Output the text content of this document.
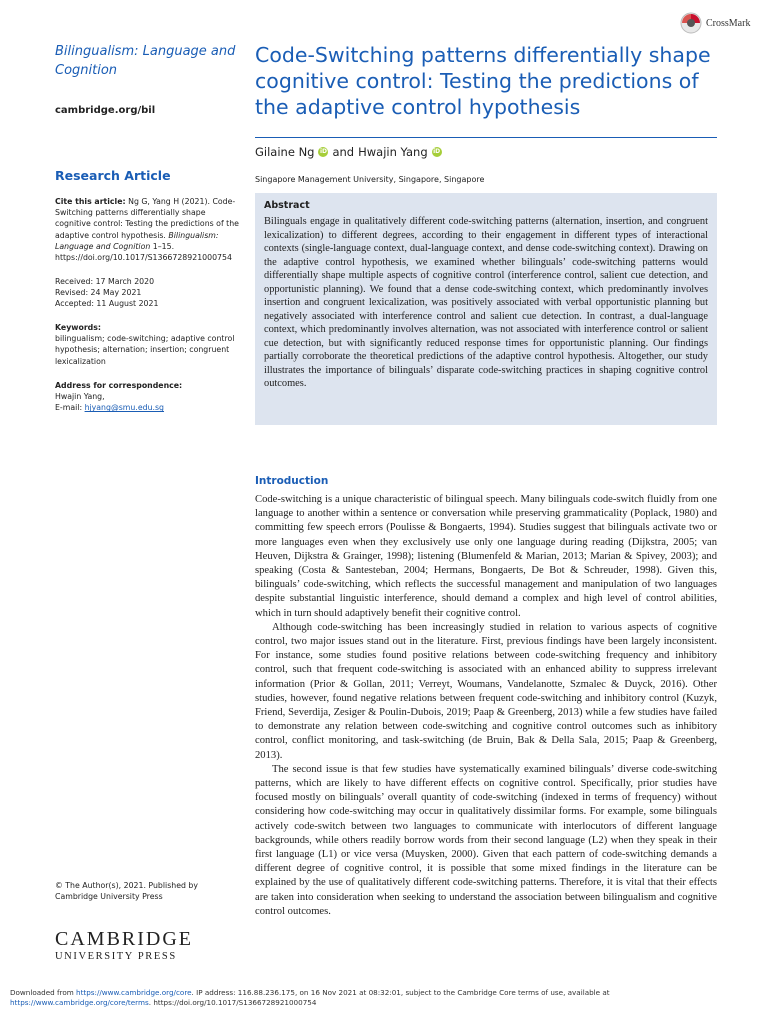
CrossMark
Bilingualism: Language and Cognition
cambridge.org/bil
Code-Switching patterns differentially shape cognitive control: Testing the predictions of the adaptive control hypothesis
Gilaine Ng iD and Hwajin Yang iD
Singapore Management University, Singapore, Singapore
Research Article
Cite this article: Ng G, Yang H (2021). Code-Switching patterns differentially shape cognitive control: Testing the predictions of the adaptive control hypothesis. Bilingualism: Language and Cognition 1–15. https://doi.org/10.1017/S1366728921000754
Received: 17 March 2020
Revised: 24 May 2021
Accepted: 11 August 2021
Keywords:
bilingualism; code-switching; adaptive control hypothesis; alternation; insertion; congruent lexicalization
Address for correspondence:
Hwajin Yang,
E-mail: hjyang@smu.edu.sg
© The Author(s), 2021. Published by Cambridge University Press
CAMBRIDGE
UNIVERSITY PRESS
Abstract

Bilinguals engage in qualitatively different code-switching patterns (alternation, insertion, and congruent lexicalization) to different degrees, according to their engagement in different types of interactional contexts (single-language context, dual-language context, and dense code-switching context). Drawing on the adaptive control hypothesis, we examined whether bilinguals’ code-switching patterns would differentially shape multiple aspects of cognitive control (interference control, salient cue detection, and opportunistic planning). We found that a dense code-switching context, which predominantly involves insertion and congruent lexicalization, was positively associated with verbal opportunistic planning but negatively associated with interference control and salient cue detection. In contrast, a dual-language context, which predominantly involves alternation, was not associated with interference control or salient cue detection, but with significantly reduced response times for opportunistic planning. Our findings partially corroborate the theoretical predictions of the adaptive control hypothesis. Altogether, our study illustrates the importance of bilinguals’ disparate code-switching practices in shaping cognitive control outcomes.

Introduction

Code-switching is a unique characteristic of bilingual speech. Many bilinguals code-switch fluidly from one language to another within a sentence or conversation while preserving grammaticality (Poplack, 1980) and committing few speech errors (Poulisse & Bongaerts, 1994). Studies suggest that bilinguals activate two or more languages even when they exclusively use only one language during reading (Dijkstra, 2005; van Heuven, Dijkstra & Grainger, 1998); listening (Blumenfeld & Marian, 2013; Marian & Spivey, 2003); and speaking (Costa & Santesteban, 2004; Hermans, Bongaerts, De Bot & Schreuder, 1998). Given this, bilinguals’ code-switching, which reflects the successful management and manipulation of two languages despite substantial linguistic interference, should demand a complex and high level of control abilities, which in turn should adaptively benefit their cognitive control.

Although code-switching has been increasingly studied in relation to various aspects of cognitive control, two major issues stand out in the literature. First, previous findings have been largely inconsistent. For instance, some studies found positive relations between code-switching frequency and inhibitory control, such that frequent code-switching is associated with an enhanced ability to suppress irrelevant information (Prior & Gollan, 2011; Verreyt, Woumans, Vandelanotte, Szmalec & Duyck, 2016). Other studies, however, found negative relations between frequent code-switching and inhibitory control (Kuzyk, Friend, Severdija, Zesiger & Poulin-Dubois, 2019; Paap & Greenberg, 2013) while a few studies have failed to demonstrate any relation between code-switching and cognitive control outcomes such as inhibitory control, conflict monitoring, and task-switching (de Bruin, Bak & Della Sala, 2015; Paap & Greenberg, 2013).

The second issue is that few studies have systematically examined bilinguals’ diverse code-switching patterns, which are likely to have different effects on cognitive control. Specifically, prior studies have focused mostly on bilinguals’ overall quantity of code-switching (indexed in terms of frequency) without considering how code-switching may occur in qualitatively dissimilar forms. For example, some bilinguals actively code-switch between two languages to communicate with interlocutors of different language backgrounds, while others readily borrow words from their second language (L2) when they speak in their first language (L1) or vice versa (Muysken, 2000). Given that each pattern of code-switching demands a different degree of cognitive control, it is possible that some mixed findings in the literature can be explained by the use of qualitatively different code-switching patterns. Therefore, it is vital that their effects are taken into consideration when seeking to understand the association between bilingualism and cognitive control outcomes.

Downloaded from https://www.cambridge.org/core. IP address: 116.88.236.175, on 16 Nov 2021 at 08:32:01, subject to the Cambridge Core terms of use, available at https://www.cambridge.org/core/terms. https://doi.org/10.1017/S1366728921000754
